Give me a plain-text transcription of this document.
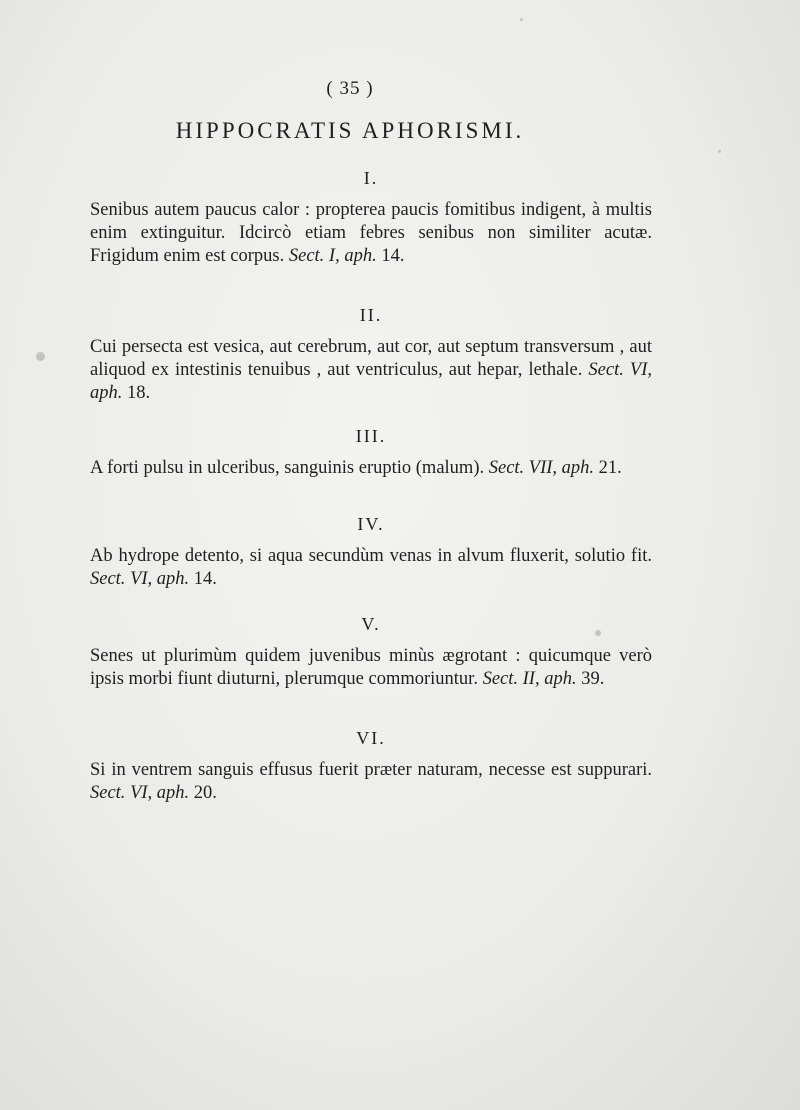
( 35 )
HIPPOCRATIS APHORISMI.
I.

Senibus autem paucus calor : propterea paucis fomitibus indigent, à multis enim extinguitur. Idcircò etiam febres senibus non similiter acutæ. Frigidum enim est corpus. Sect. I, aph. 14.

II.

Cui persecta est vesica, aut cerebrum, aut cor, aut septum transversum , aut aliquod ex intestinis tenuibus , aut ventriculus, aut hepar, lethale. Sect. VI, aph. 18.

III.

A forti pulsu in ulceribus, sanguinis eruptio (malum). Sect. VII, aph. 21.

IV.

Ab hydrope detento, si aqua secundùm venas in alvum fluxerit, solutio fit. Sect. VI, aph. 14.

V.

Senes ut plurimùm quidem juvenibus minùs ægrotant : quicumque verò ipsis morbi fiunt diuturni, plerumque commoriuntur. Sect. II, aph. 39.

VI.

Si in ventrem sanguis effusus fuerit præter naturam, necesse est suppurari. Sect. VI, aph. 20.
